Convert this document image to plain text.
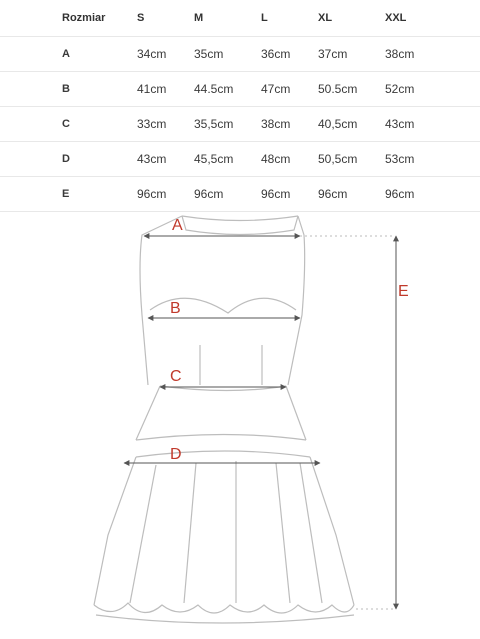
Rozmiar	S	M	L	XL	XXL
A	34cm 35cm	36cm 37cm	38cm
B	41cm 44.5cm 47cm 50.5cm 52cm
C	33cm 35,5cm 38cm 40,5cm 43cm
D	43cm 45,5cm 48cm 50,5cm 53cm
E	96cm 96cm	96cm 96cm	96cm
A
B
C
D
E
